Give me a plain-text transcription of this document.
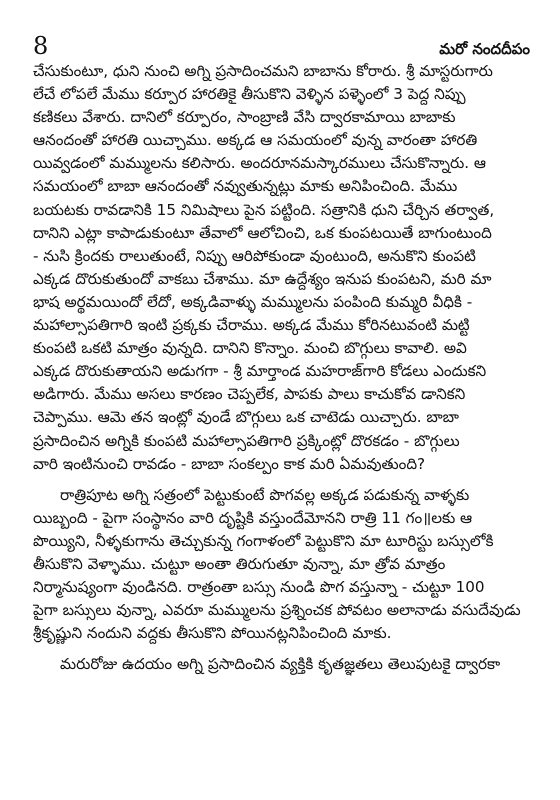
8	మరో నందదీపం
చేసుకుంటూ, ధుని నుంచి అగ్ని ప్రసాదించమని బాబాను కోరారు. శ్రీ మాస్టరుగారు
లేచే లోపలే మేము కర్పూర హారతికై తీసుకొని వెళ్ళిన పళ్ళెంలో 3 పెద్ద నిప్పు
కణికలు వేశారు. దానిలో కర్పూరం, సాంబ్రాణి వేసి ద్వారకామాయి బాబాకు
ఆనందంతో హారతి యిచ్చాము. అక్కడ ఆ సమయంలో వున్న వారంతా హారతి
యివ్వడంలో మమ్ములను కలిసారు. అందరూనమస్కారములు చేసుకొన్నారు. ఆ
సమయంలో బాబా ఆనందంతో నవ్వుతున్నట్లు మాకు అనిపించింది. మేము
బయటకు రావడానికి 15 నిమిషాలు పైన పట్టింది. సత్రానికి ధుని చేర్చిన తర్వాత,
దానిని ఎట్లా కాపాడుకుంటూ తేవాలో ఆలోచించి, ఒక కుంపటయితే బాగుంటుంది
- నుసి క్రిందకు రాలుతుంటే, నిప్పు ఆరిపోకుండా వుంటుంది, అనుకొని కుంపటి
ఎక్కడ దొరుకుతుందో వాకబు చేశాము. మా ఉద్దేశ్యం ఇనుప కుంపటని, మరి మా
భాష అర్థమయిందో లేదో, అక్కడివాళ్ళు మమ్ములను పంపింది కుమ్మరి వీధికి -
మహాల్సాపతిగారి ఇంటి ప్రక్కకు చేరాము. అక్కడ మేము కోరినటువంటి మట్టి
కుంపటి ఒకటి మాత్రం వున్నది. దానిని కొన్నాం. మంచి బొగ్గులు కావాలి. అవి
ఎక్కడ దొరుకుతాయని అడుగగా - శ్రీ మార్తాండ మహరాజ్‌గారి కోడలు ఎందుకని
అడిగారు. మేము అసలు కారణం చెప్పలేక, పాపకు పాలు కాచుకోవ డానికని
చెప్పాము. ఆమె తన ఇంట్లో వుండే బొగ్గులు ఒక చాటెడు యిచ్చారు. బాబా
ప్రసాదించిన అగ్నికి కుంపటి మహాల్సాపతిగారి ప్రక్కింట్లో దొరకడం - బొగ్గులు
వారి ఇంటినుంచి రావడం - బాబా సంకల్పం కాక మరి ఏమవుతుంది?
రాత్రిపూట అగ్ని సత్రంలో పెట్టుకుంటే పొగవల్ల అక్కడ పడుకున్న వాళ్ళకు
యిబ్బంది - పైగా సంస్థానం వారి దృష్టికి వస్తుందేమోనని రాత్రి 11 గం॥లకు ఆ
పొయ్యిని, నీళ్ళకుగాను తెచ్చుకున్న గంగాళంలో పెట్టుకొని మా టూరిస్టు బస్సులోకి
తీసుకొని వెళ్ళాము. చుట్టూ అంతా తిరుగుతూ వున్నా, మా త్రోవ మాత్రం
నిర్మానుష్యంగా వుండినది. రాత్రంతా బస్సు నుండి పొగ వస్తున్నా - చుట్టూ 100
పైగా బస్సులు వున్నా, ఎవరూ మమ్ములను ప్రశ్నించక పోవటం అలానాడు వసుదేవుడు
శ్రీకృష్ణుని నందుని వద్దకు తీసుకొని పోయినట్లనిపించింది మాకు.
మరురోజు ఉదయం అగ్ని ప్రసాదించిన వ్యక్తికి కృతజ్ఞతలు తెలుపుటకై ద్వారకా
